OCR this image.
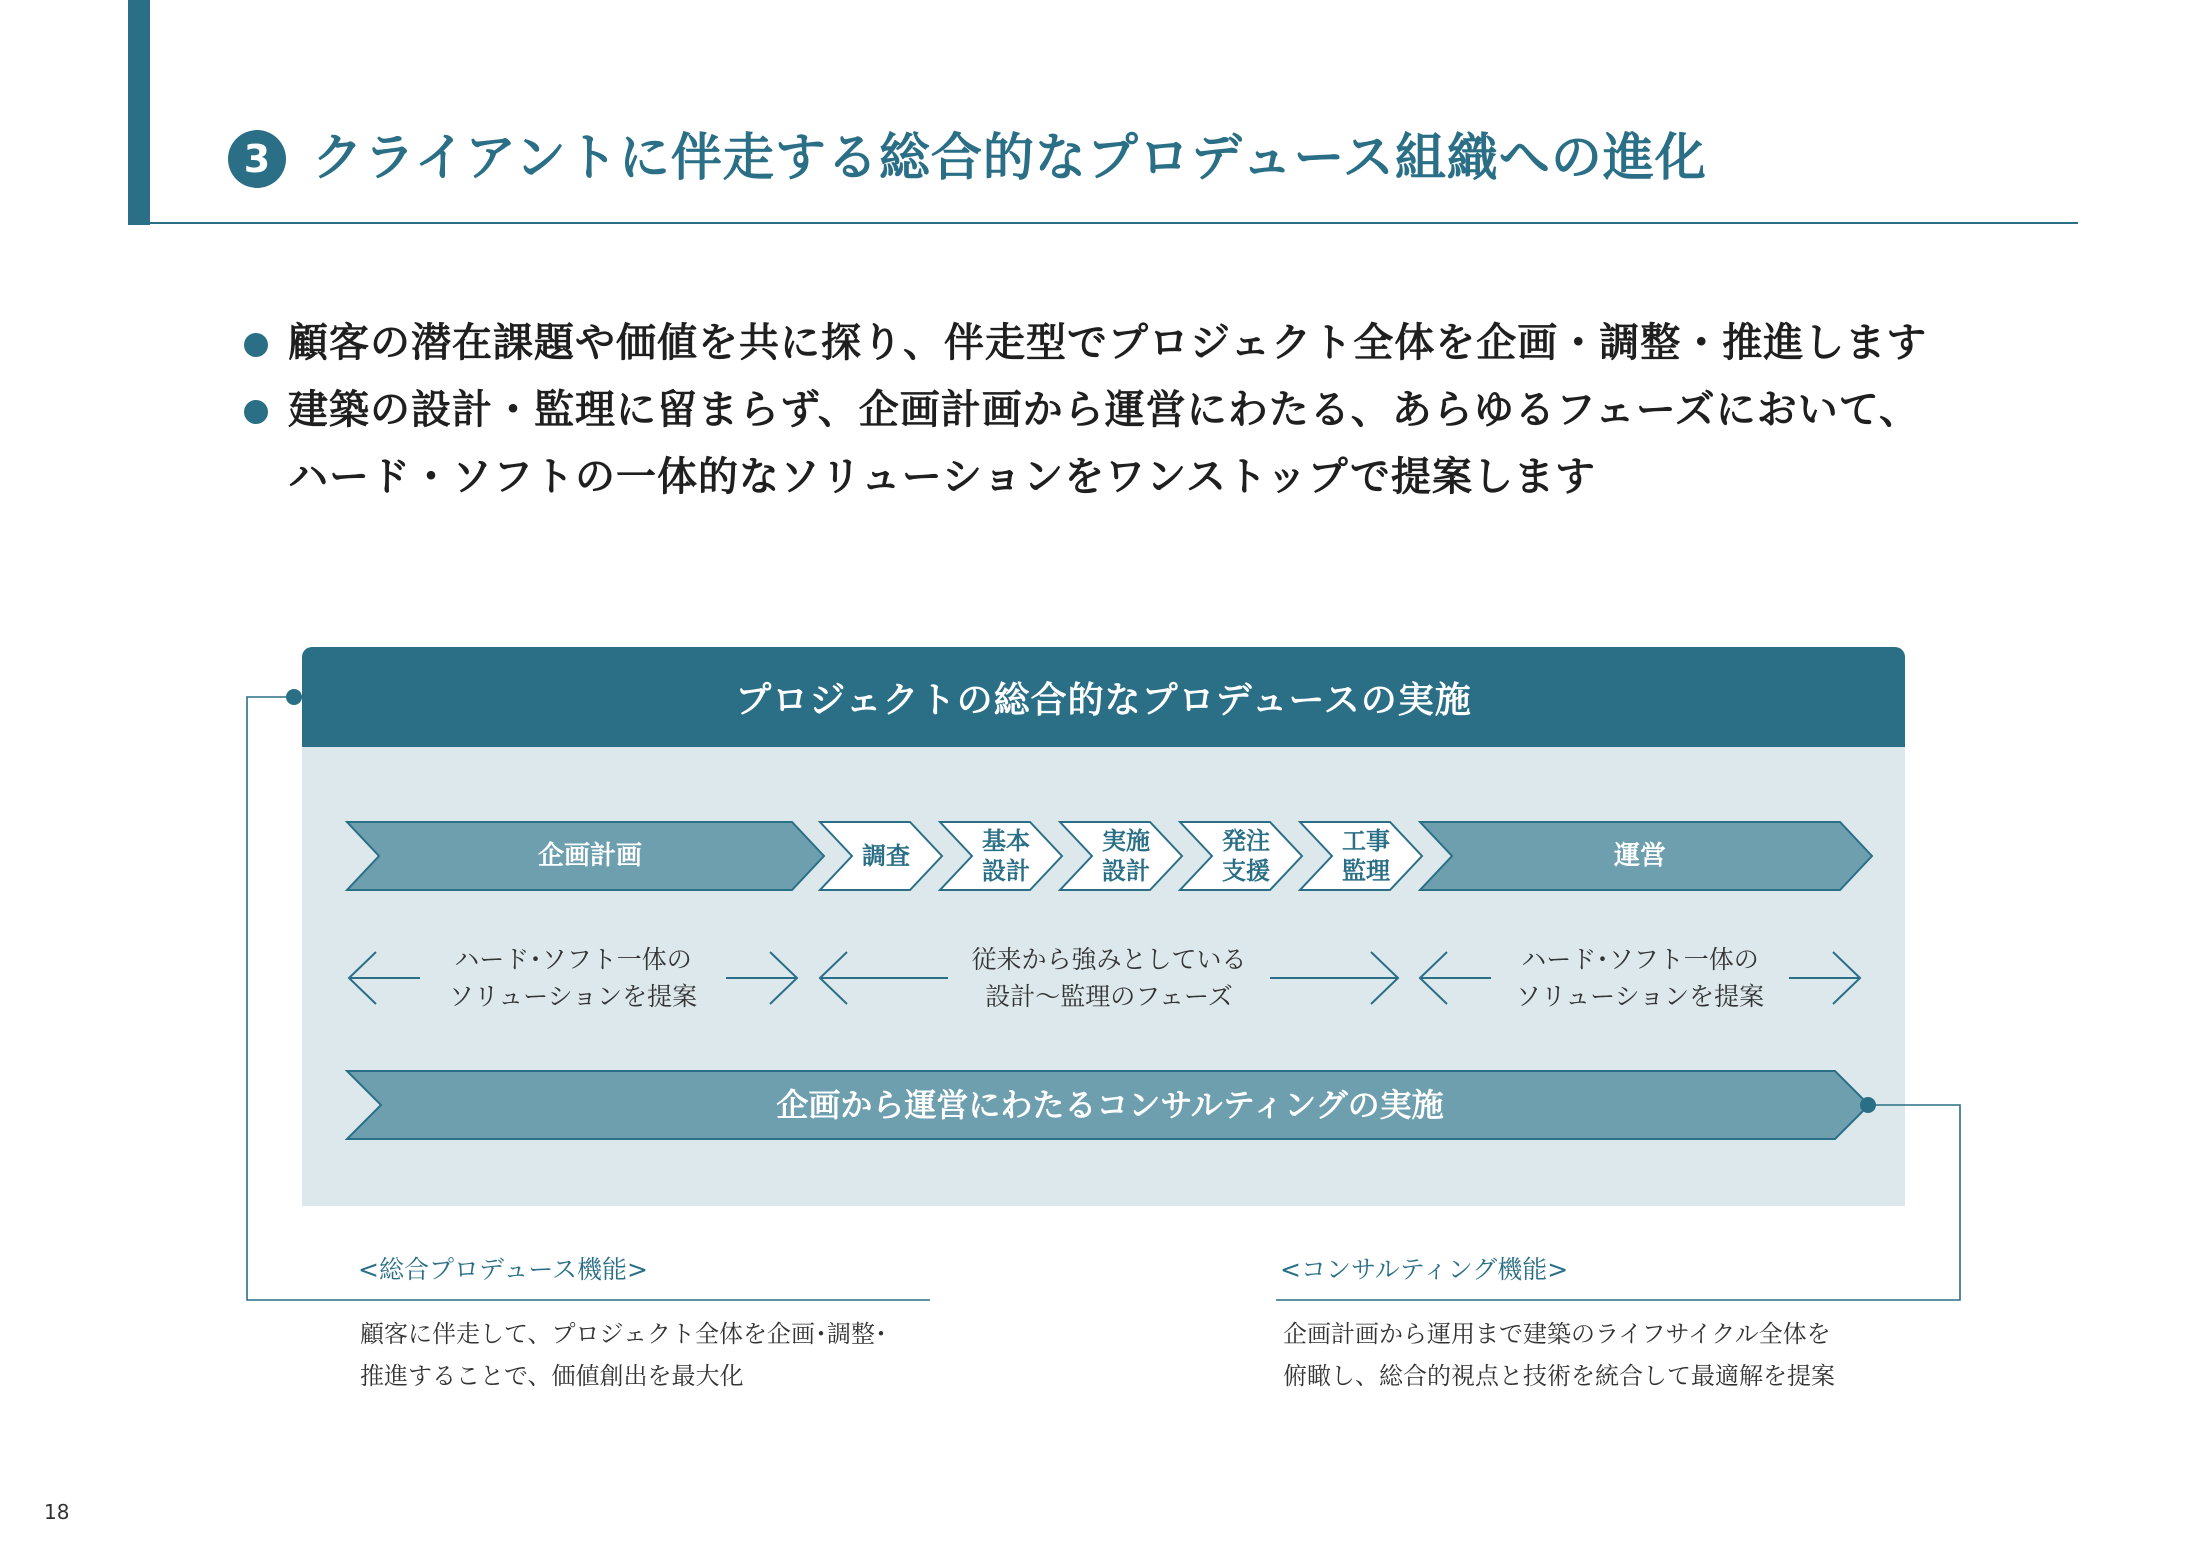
3 クライアントに伴走する総合的なプロデュース組織への進化
顧客の潜在課題や価値を共に探り、伴走型でプロジェクト全体を企画・調整・推進します
建築の設計・監理に留まらず、企画計画から運営にわたる、あらゆるフェーズにおいて、
ハード・ソフトの一体的なソリューションをワンストップで提案します
プロジェクトの総合的なプロデュースの実施
企画計画	調査
基本
設計
実施
設計
発注
支援
工事
監理	運営
ハード･ソフト一体の
ソリューションを提案
従来から強みとしている
設計～監理のフェーズ
ハード･ソフト一体の
ソリューションを提案
企画から運営にわたるコンサルティングの実施
<総合プロデュース機能>
顧客に伴走して、プロジェクト全体を企画･調整･
推進することで、価値創出を最大化
<コンサルティング機能>
企画計画から運用まで建築のライフサイクル全体を
俯瞰し、総合的視点と技術を統合して最適解を提案
18
